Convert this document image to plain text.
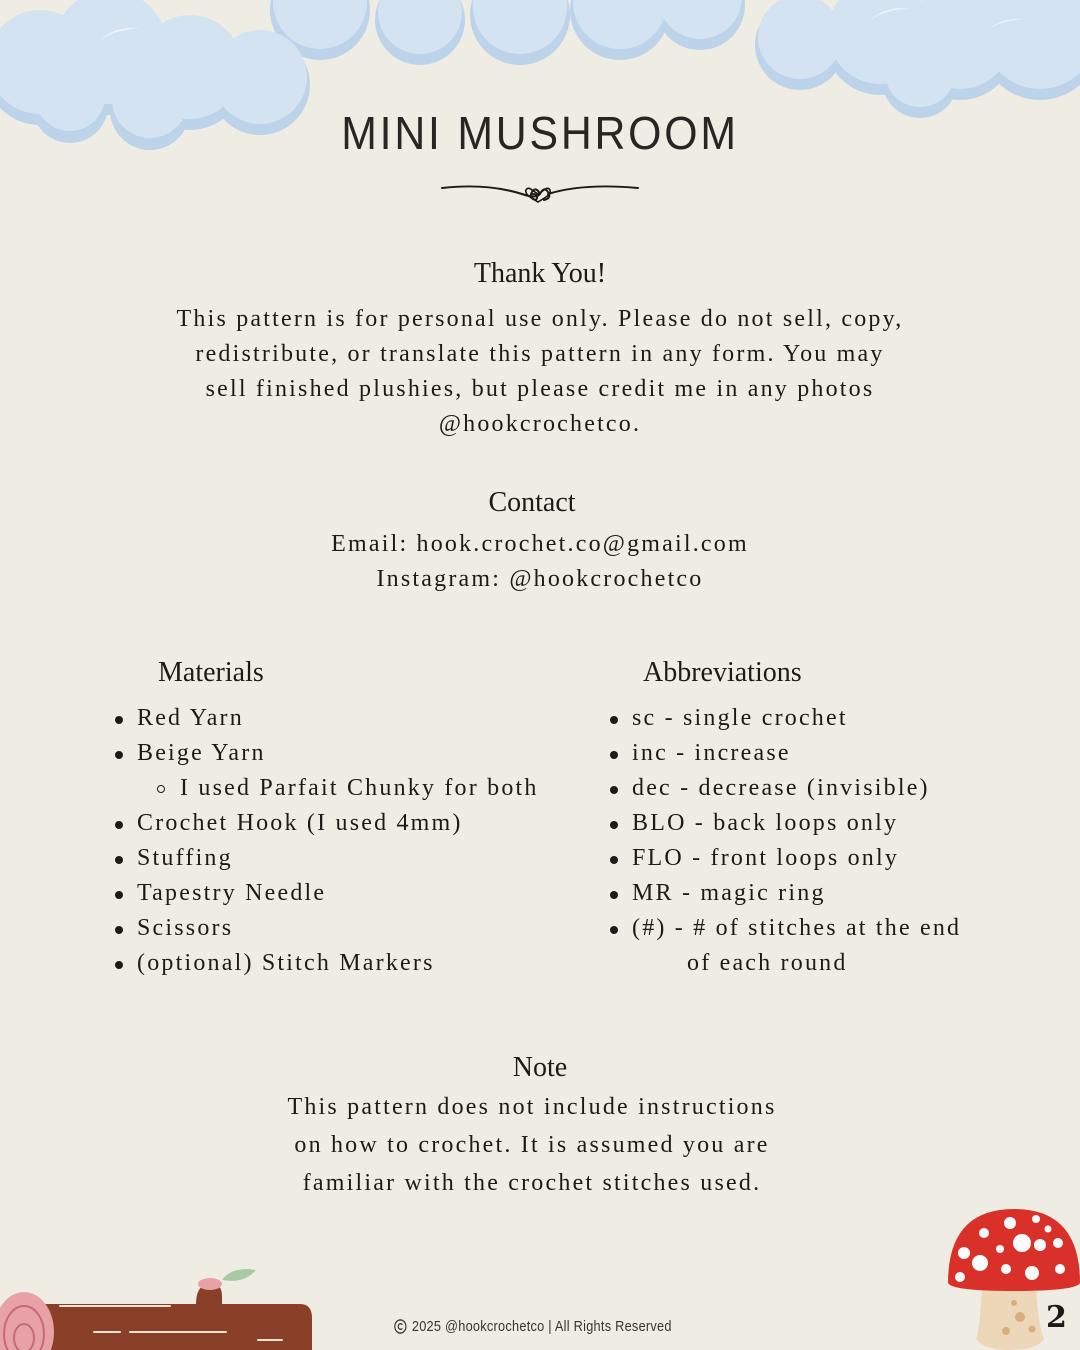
MINI MUSHROOM
Thank You!
This pattern is for personal use only. Please do not sell, copy,
redistribute, or translate this pattern in any form. You may
sell finished plushies, but please credit me in any photos
@hookcrochetco.
Contact
Email: hook.crochet.co@gmail.com
Instagram: @hookcrochetco
Materials
Red Yarn
Beige Yarn
I used Parfait Chunky for both
Crochet Hook (I used 4mm)
Stuffing
Tapestry Needle
Scissors
(optional) Stitch Markers
Abbreviations
sc - single crochet
inc - increase
dec - decrease (invisible)
BLO - back loops only
FLO - front loops only
MR - magic ring
(#) - # of stitches at the end
of each round
Note
This pattern does not include instructions
on how to crochet. It is assumed you are
familiar with the crochet stitches used.
2025 @hookcrochetco | All Rights Reserved	2
